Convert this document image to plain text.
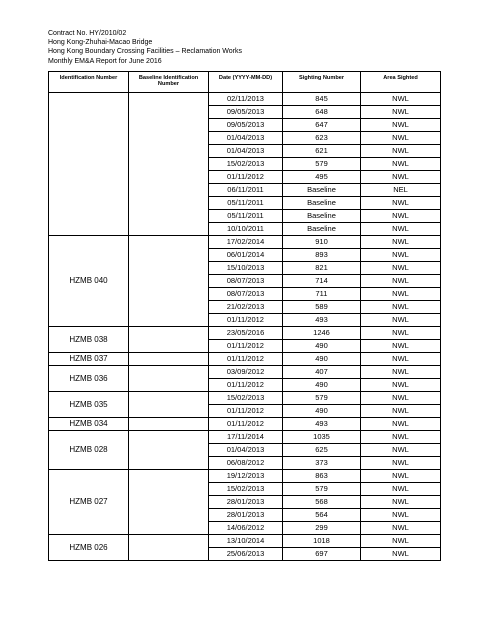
Contract No. HY/2010/02
Hong Kong-Zhuhai-Macao Bridge
Hong Kong Boundary Crossing Facilities – Reclamation Works
Monthly EM&A Report for June 2016
Identification Number	Baseline Identification Number	Date (YYYY-MM-DD)	Sighting Number	Area Sighted
		02/11/2013	845	NWL
		09/05/2013	648	NWL
		09/05/2013	647	NWL
		01/04/2013	623	NWL
		01/04/2013	621	NWL
		15/02/2013	579	NWL
		01/11/2012	495	NWL
		06/11/2011	Baseline	NEL
		05/11/2011	Baseline	NWL
		05/11/2011	Baseline	NWL
		10/10/2011	Baseline	NWL
HZMB 040		17/02/2014	910	NWL
		06/01/2014	893	NWL
		15/10/2013	821	NWL
		08/07/2013	714	NWL
		08/07/2013	711	NWL
		21/02/2013	589	NWL
		01/11/2012	493	NWL
HZMB 038		23/05/2016	1246	NWL
		01/11/2012	490	NWL
HZMB 037		01/11/2012	490	NWL
HZMB 036		03/09/2012	407	NWL
		01/11/2012	490	NWL
HZMB 035		15/02/2013	579	NWL
		01/11/2012	490	NWL
HZMB 034		01/11/2012	493	NWL
HZMB 028		17/11/2014	1035	NWL
		01/04/2013	625	NWL
		06/08/2012	373	NWL
HZMB 027		19/12/2013	863	NWL
		15/02/2013	579	NWL
		28/01/2013	568	NWL
		28/01/2013	564	NWL
		14/06/2012	299	NWL
HZMB 026		13/10/2014	1018	NWL
		25/06/2013	697	NWL
